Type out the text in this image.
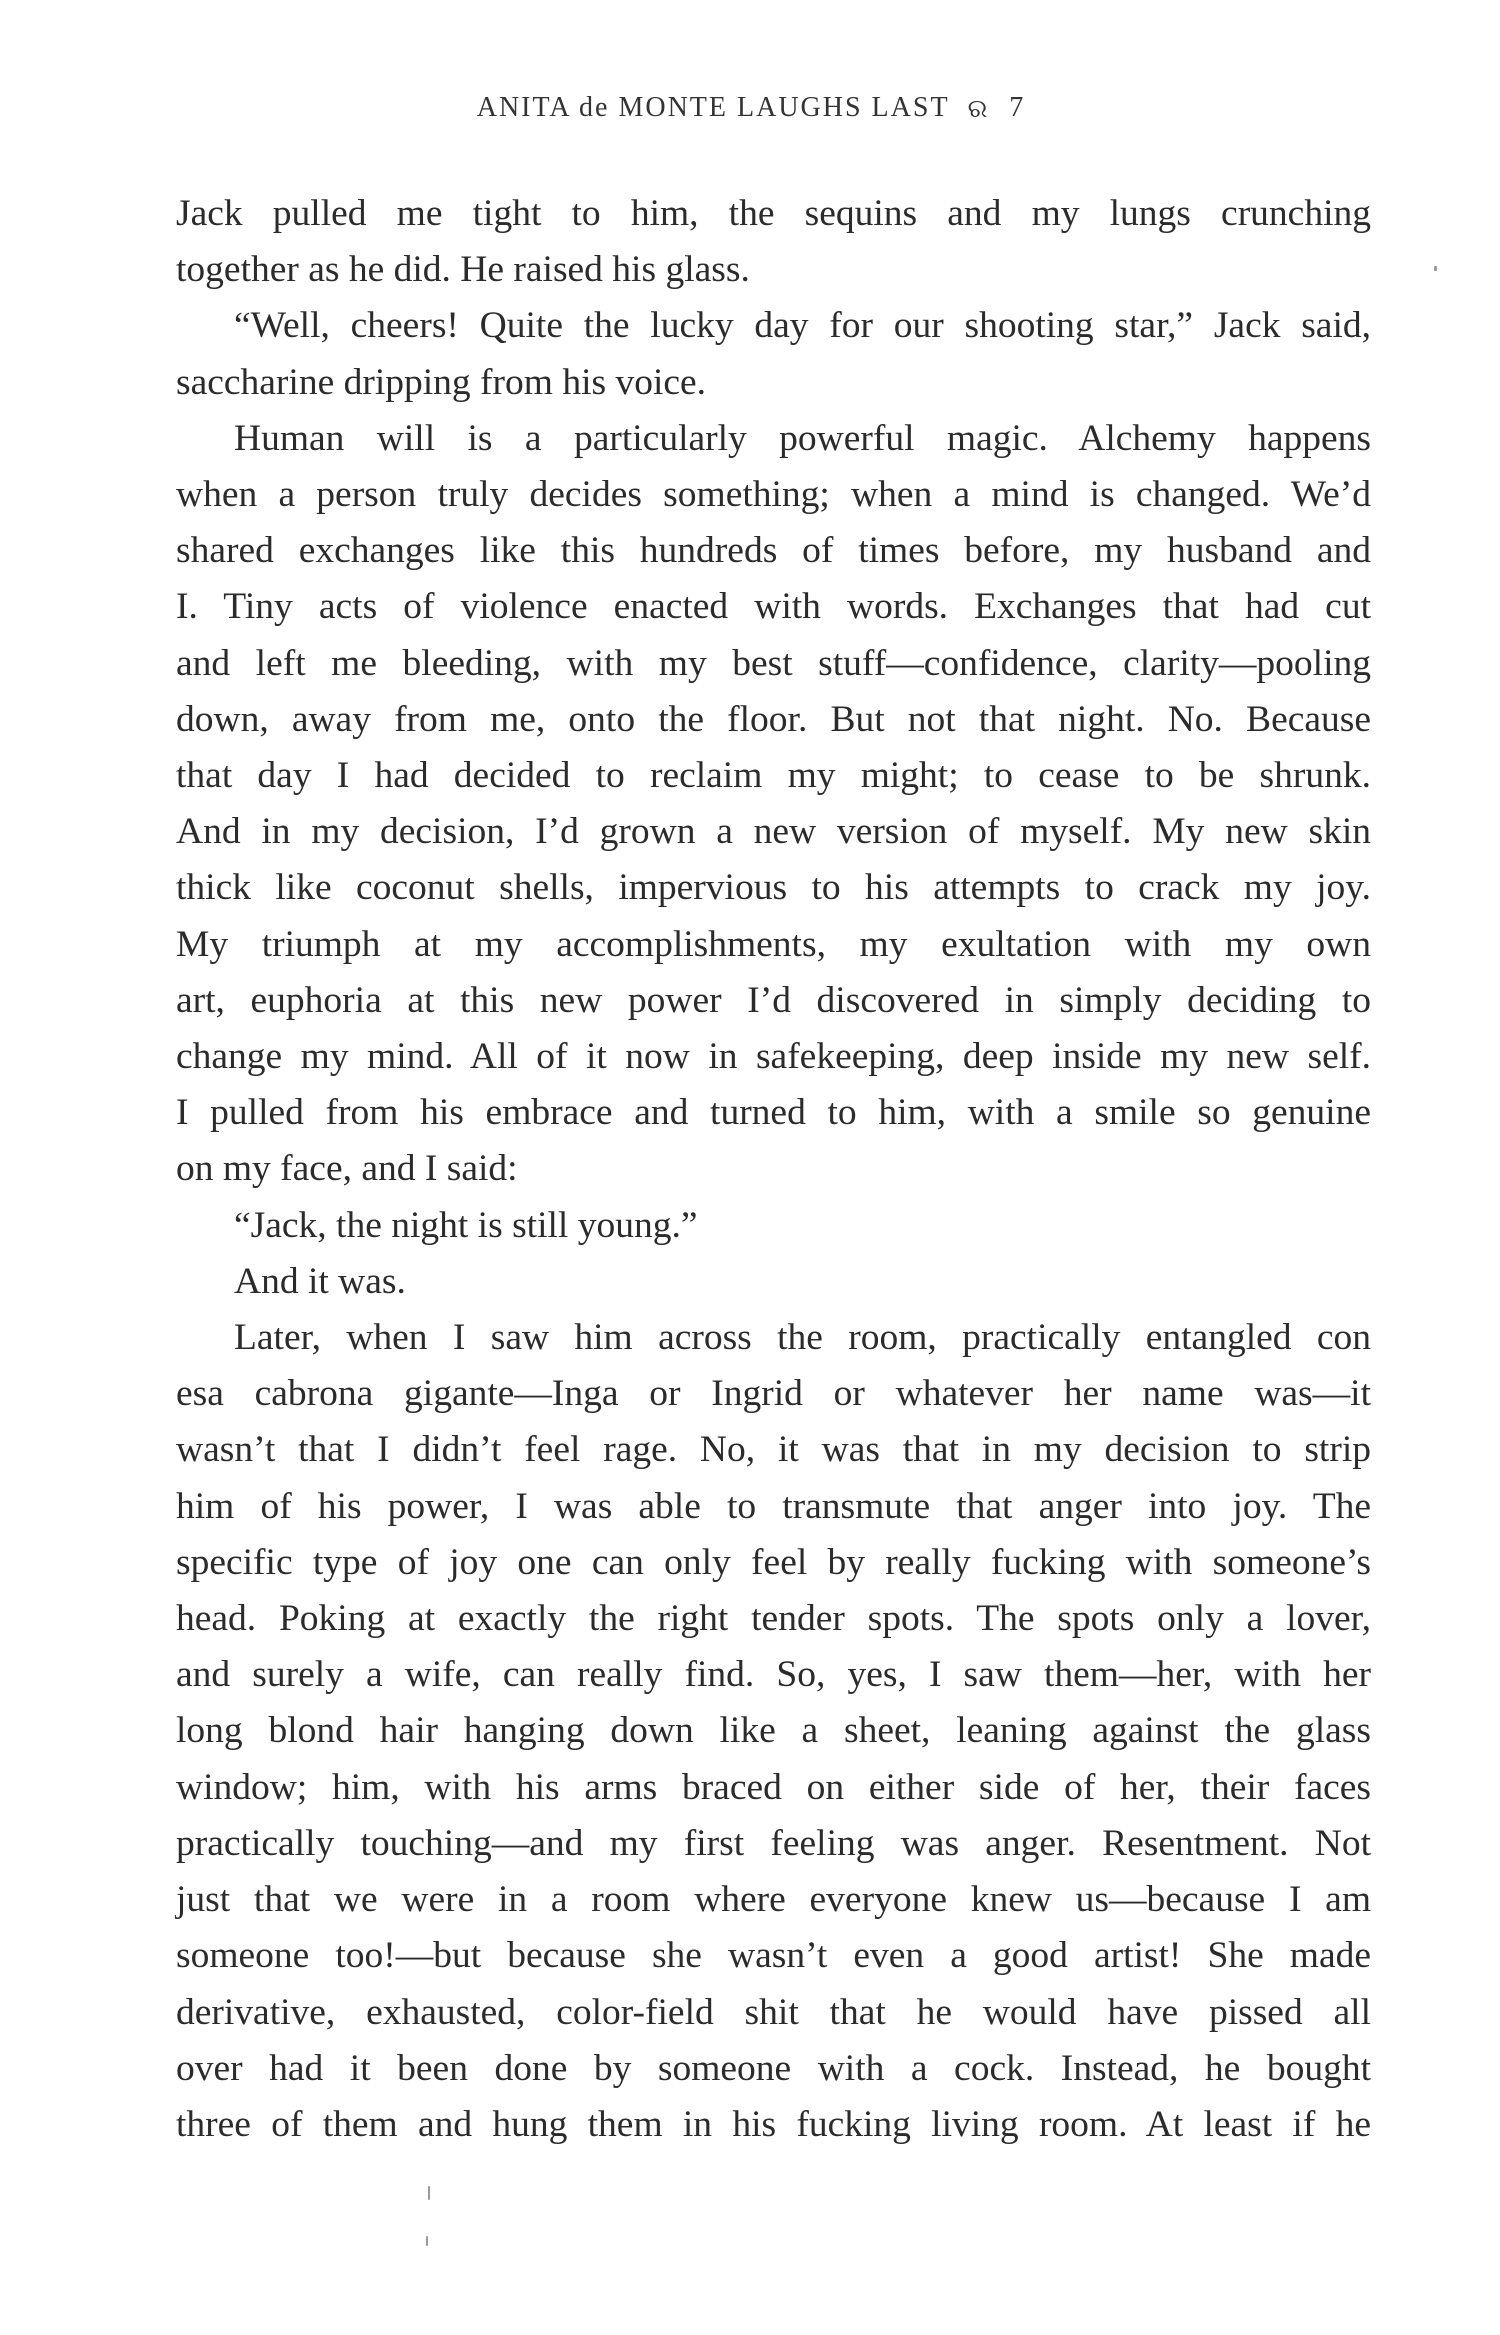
ANITA de MONTE LAUGHS LAST ର 7
Jack pulled me tight to him, the sequins and my lungs crunching
together as he did. He raised his glass.
“Well, cheers! Quite the lucky day for our shooting star,” Jack said,
saccharine dripping from his voice.
Human will is a particularly powerful magic. Alchemy happens
when a person truly decides something; when a mind is changed. We’d
shared exchanges like this hundreds of times before, my husband and
I. Tiny acts of violence enacted with words. Exchanges that had cut
and left me bleeding, with my best stuff—confidence, clarity—pooling
down, away from me, onto the floor. But not that night. No. Because
that day I had decided to reclaim my might; to cease to be shrunk.
And in my decision, I’d grown a new version of myself. My new skin
thick like coconut shells, impervious to his attempts to crack my joy.
My triumph at my accomplishments, my exultation with my own
art, euphoria at this new power I’d discovered in simply deciding to
change my mind. All of it now in safekeeping, deep inside my new self.
I pulled from his embrace and turned to him, with a smile so genuine
on my face, and I said:
“Jack, the night is still young.”
And it was.
Later, when I saw him across the room, practically entangled con
esa cabrona gigante—Inga or Ingrid or whatever her name was—it
wasn’t that I didn’t feel rage. No, it was that in my decision to strip
him of his power, I was able to transmute that anger into joy. The
specific type of joy one can only feel by really fucking with someone’s
head. Poking at exactly the right tender spots. The spots only a lover,
and surely a wife, can really find. So, yes, I saw them—her, with her
long blond hair hanging down like a sheet, leaning against the glass
window; him, with his arms braced on either side of her, their faces
practically touching—and my first feeling was anger. Resentment. Not
just that we were in a room where everyone knew us—because I am
someone too!—but because she wasn’t even a good artist! She made
derivative, exhausted, color-field shit that he would have pissed all
over had it been done by someone with a cock. Instead, he bought
three of them and hung them in his fucking living room. At least if he
